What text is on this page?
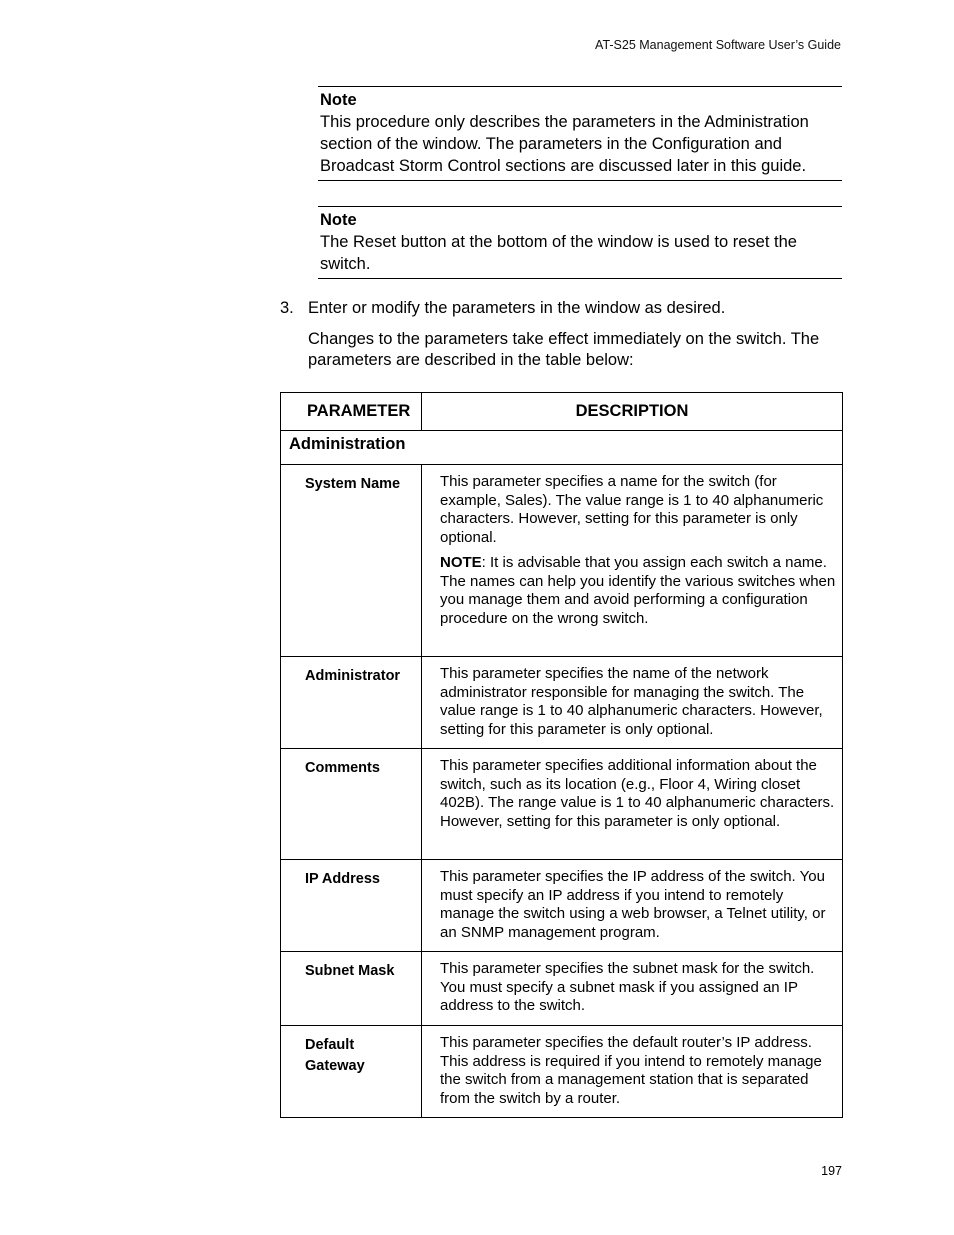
AT-S25 Management Software User’s Guide
Note
This procedure only describes the parameters in the Administration section of the window. The parameters in the Configuration and Broadcast Storm Control sections are discussed later in this guide.
Note
The Reset button at the bottom of the window is used to reset the switch.
3. Enter or modify the parameters in the window as desired.
Changes to the parameters take effect immediately on the switch. The parameters are described in the table below:
PARAMETER	DESCRIPTION
Administration	
System Name	This parameter specifies a name for the switch (for example, Sales). The value range is 1 to 40 alphanumeric characters. However, setting for this parameter is only optional.

NOTE: It is advisable that you assign each switch a name. The names can help you identify the various switches when you manage them and avoid performing a configuration procedure on the wrong switch.

Administrator	This parameter specifies the name of the network administrator responsible for managing the switch. The value range is 1 to 40 alphanumeric characters. However, setting for this parameter is only optional.
Comments	This parameter specifies additional information about the switch, such as its location (e.g., Floor 4, Wiring closet 402B). The range value is 1 to 40 alphanumeric characters. However, setting for this parameter is only optional.
IP Address	This parameter specifies the IP address of the switch. You must specify an IP address if you intend to remotely manage the switch using a web browser, a Telnet utility, or an SNMP management program.
Subnet Mask	This parameter specifies the subnet mask for the switch. You must specify a subnet mask if you assigned an IP address to the switch.
Default Gateway	This parameter specifies the default router’s IP address. This address is required if you intend to remotely manage the switch from a management station that is separated from the switch by a router.
197
